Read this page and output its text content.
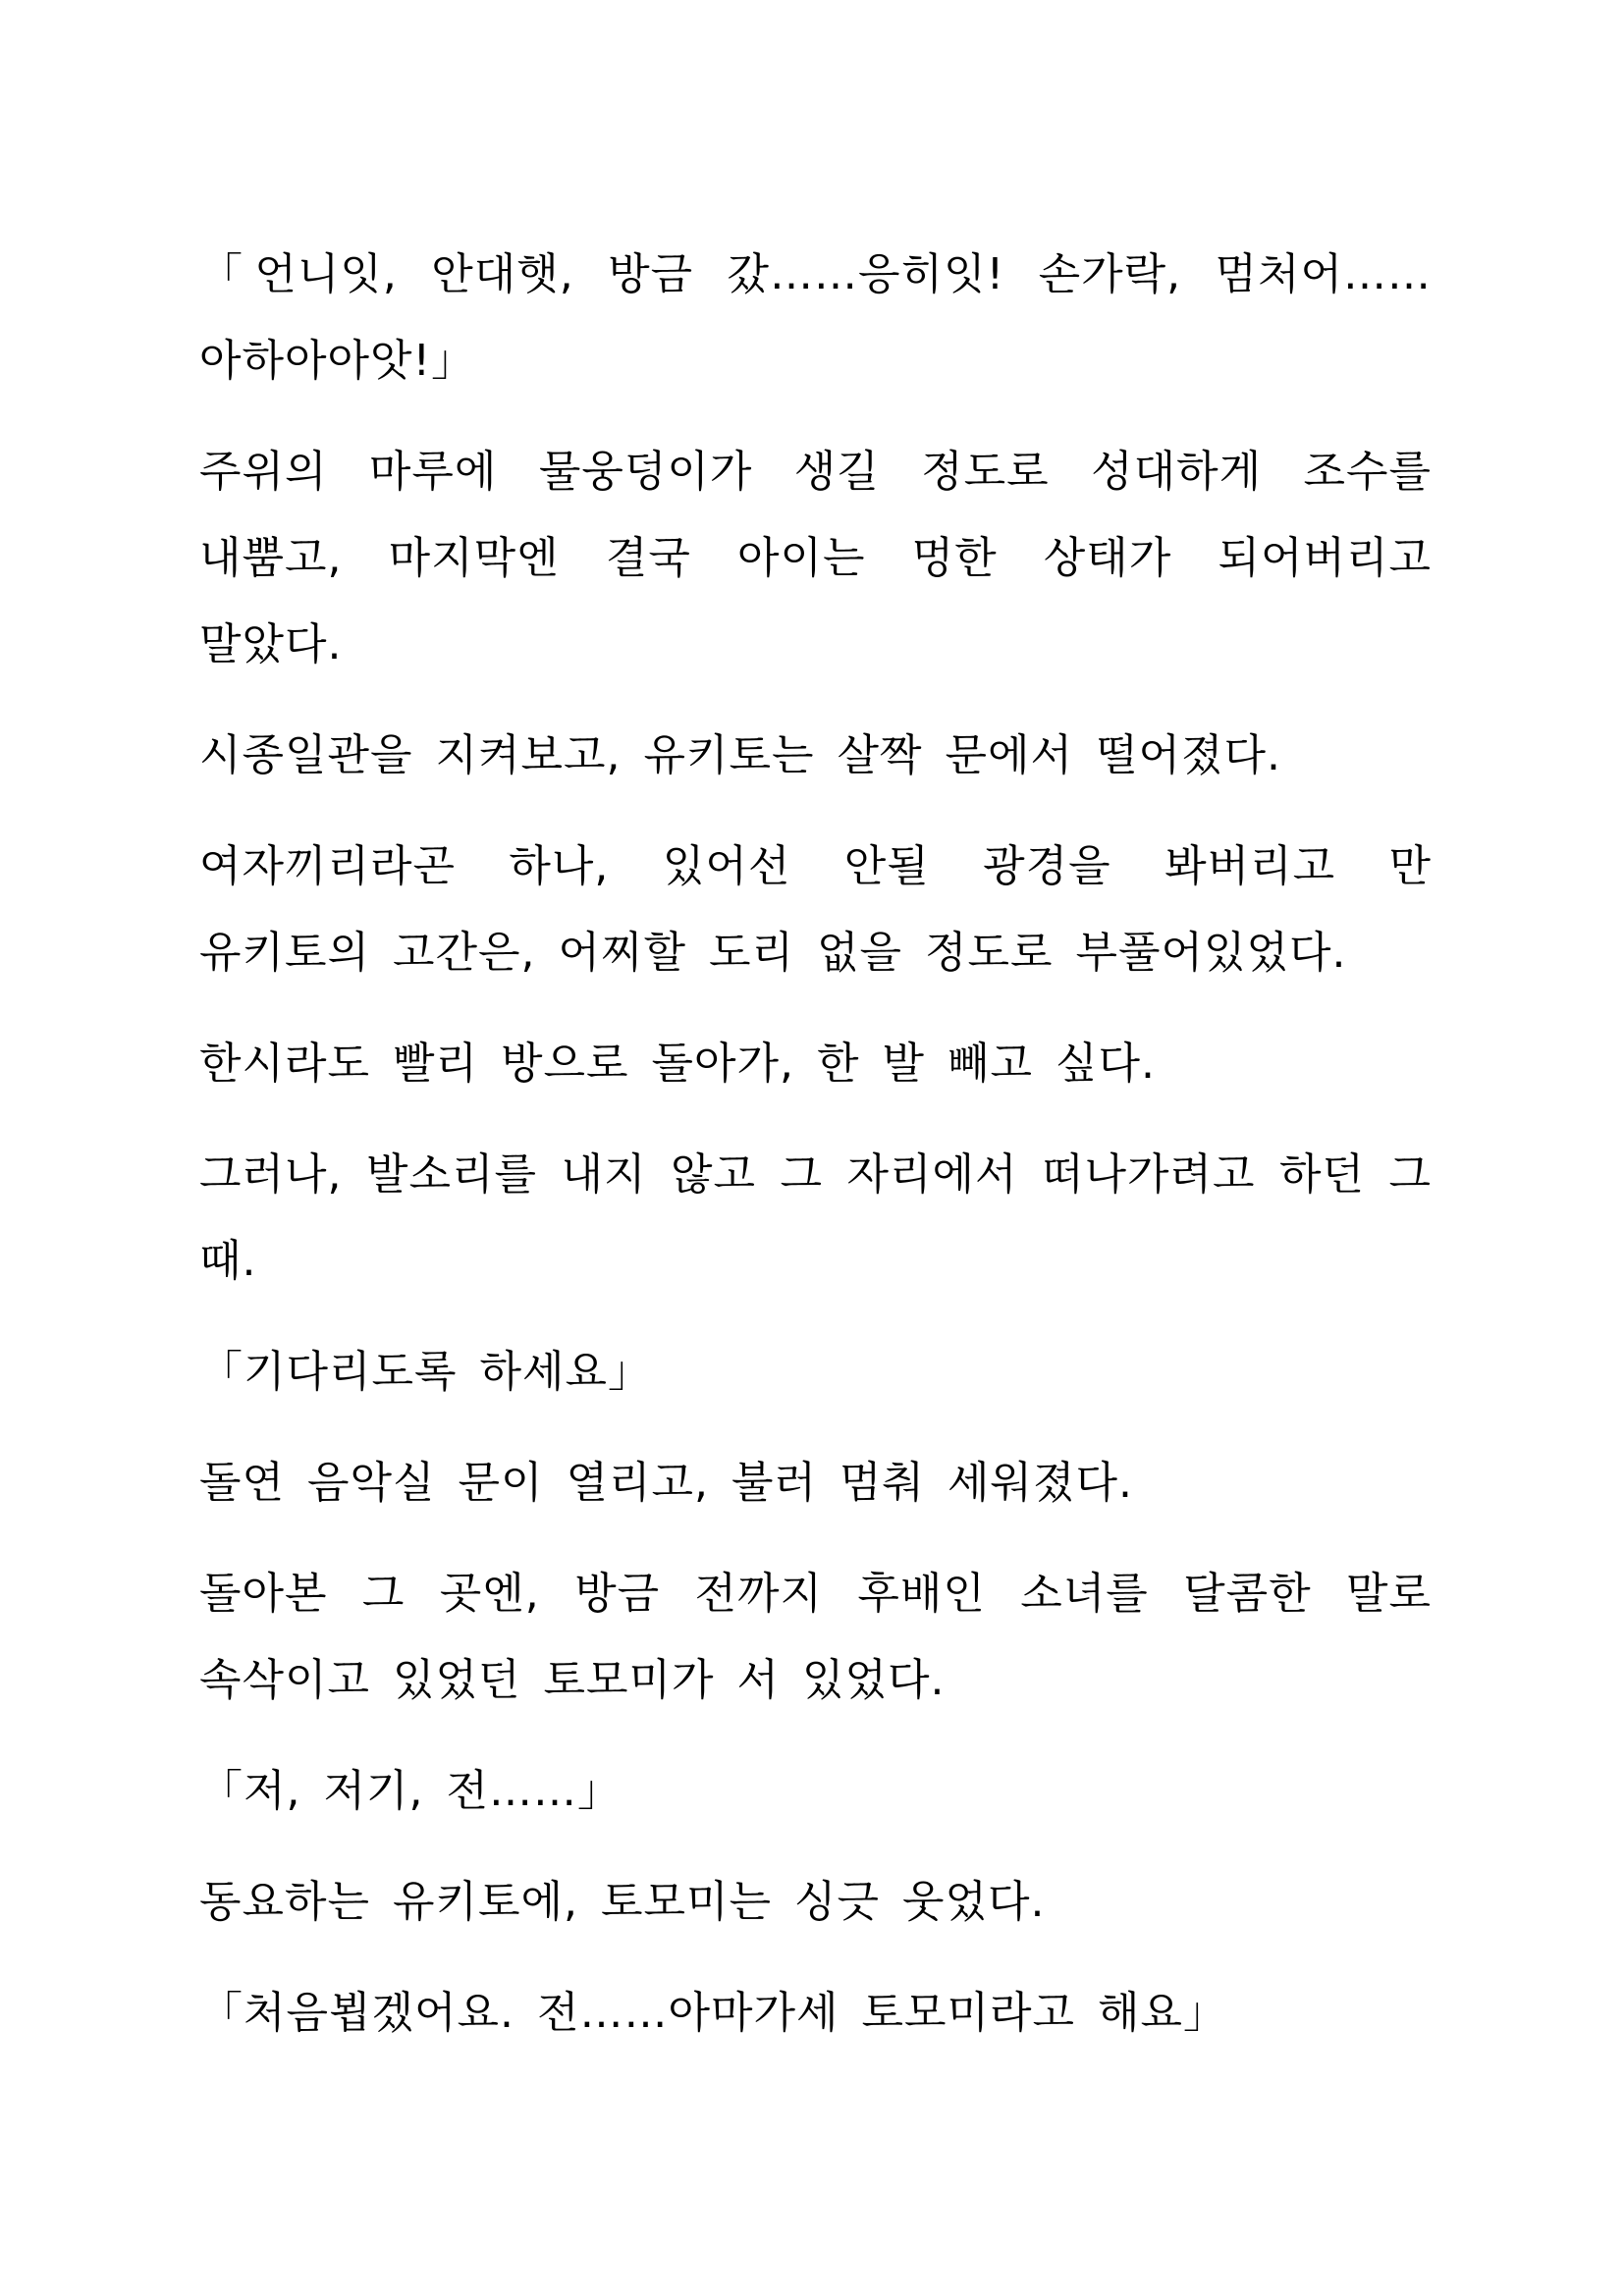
「언니잇, 안대햇, 방금 갔……응히잇! 손가락, 멈처어……아하아아앗!」

주위의 마루에 물웅덩이가 생길 정도로 성대하게 조수를 내뿜고, 마지막엔 결국 아이는 멍한 상태가 되어버리고 말았다.

시종일관을 지켜보고, 유키토는 살짝 문에서 떨어졌다.

여자끼리라곤 하나, 있어선 안될 광경을 봐버리고 만 유키토의 고간은, 어찌할 도리 없을 정도로 부풀어있었다.

한시라도 빨리 방으로 돌아가, 한 발 빼고 싶다.

그러나, 발소리를 내지 않고 그 자리에서 떠나가려고 하던 그 때.

「기다리도록 하세요」

돌연 음악실 문이 열리고, 불러 멈춰 세워졌다.

돌아본 그 곳엔, 방금 전까지 후배인 소녀를 달콤한 말로 속삭이고 있었던 토모미가 서 있었다.

「저, 저기, 전……」

동요하는 유키토에, 토모미는 싱긋 웃었다.

「처음뵙겠어요. 전……아마가세 토모미라고 해요」
